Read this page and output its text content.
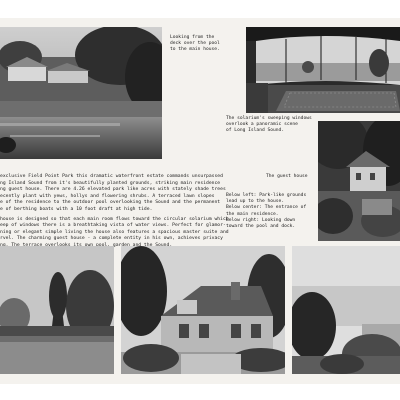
Looking from the
deck over the pool
to the main house.
The solarium's sweeping windows
overlook a panoramic scene
of Long Island Sound.
The guest house
Below left: Park-like grounds
lead up to the house.
Below center: The entrance of
the main residence.
Below right: Looking down
toward the pool and dock.
exclusive Field Point Park this dramatic waterfront estate commands unsurpassed
ng Island Sound from it's beautifully planted grounds, striking main residence
ng guest house. There are 4.26 elevated park like acres with stately shade trees
ecently plant with yews, hollys and flowering shrubs. A terraced lawn slopes
e of the residence to the outdoor pool overlooking the Sound and the permanent
e of berthing boats with a 10 foot draft at high tide.
house is designed so that each main room flows toward the circular solarium which
eep of windows there is a breathtaking vista of water views. Perfect for glamor-
ning or elegant simple living the house also features a spacious master suite and
rvel. The charming guest house - a complete entity in his own, achieves privacy
